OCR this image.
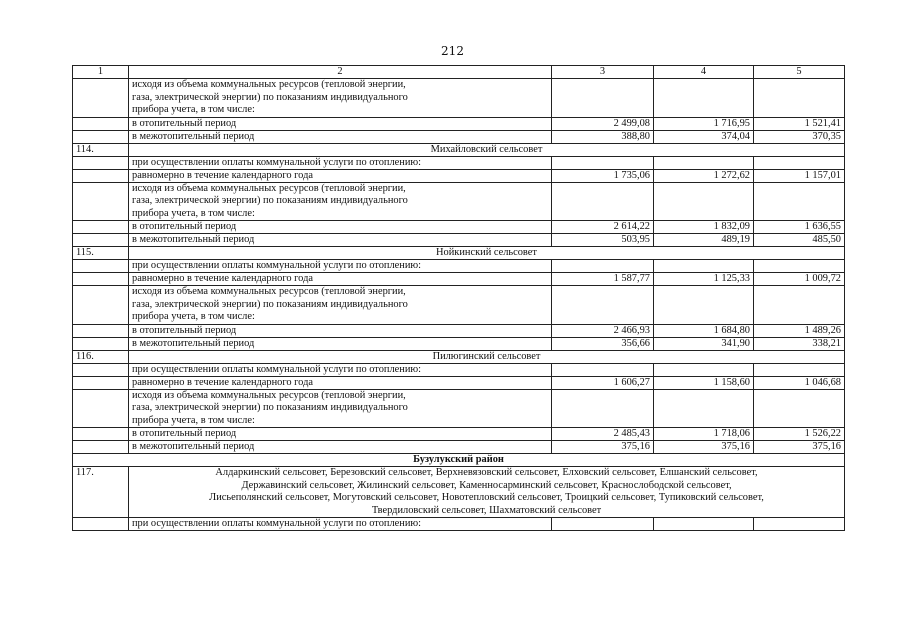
212
1	2	3	4	5

	исходя из объема коммунальных ресурсов (тепловой энергии,
газа, электрической энергии) по показаниям индивидуального
прибора учета, в том числе:			

	в отопительный период	2 499,08	1 716,95	1 521,41
	в межотопительный период	388,80	374,04	370,35
114.	Михайловский сельсовет			
	при осуществлении оплаты коммунальной услуги по отоплению:			
	равномерно в течение календарного года	1 735,06	1 272,62	1 157,01

	исходя из объема коммунальных ресурсов (тепловой энергии,
газа, электрической энергии) по показаниям индивидуального
прибора учета, в том числе:			

	в отопительный период	2 614,22	1 832,09	1 636,55
	в межотопительный период	503,95	489,19	485,50
115.	Нойкинский сельсовет			
	при осуществлении оплаты коммунальной услуги по отоплению:			
	равномерно в течение календарного года	1 587,77	1 125,33	1 009,72

	исходя из объема коммунальных ресурсов (тепловой энергии,
газа, электрической энергии) по показаниям индивидуального
прибора учета, в том числе:			

	в отопительный период	2 466,93	1 684,80	1 489,26
	в межотопительный период	356,66	341,90	338,21
116.	Пилюгинский сельсовет			
	при осуществлении оплаты коммунальной услуги по отоплению:			
	равномерно в течение календарного года	1 606,27	1 158,60	1 046,68

	исходя из объема коммунальных ресурсов (тепловой энергии,
газа, электрической энергии) по показаниям индивидуального
прибора учета, в том числе:			

	в отопительный период	2 485,43	1 718,06	1 526,22
	в межотопительный период	375,16	375,16	375,16
Бузулукский район				
117.	Алдаркинский сельсовет, Березовский сельсовет, Верхневязовский сельсовет, Елховский сельсовет, Елшанский сельсовет,
Державинский сельсовет, Жилинский сельсовет, Каменносарминский сельсовет, Краснослободской сельсовет,
Лисьеполянский сельсовет, Могутовский сельсовет, Новотепловский сельсовет, Троицкий сельсовет, Тупиковский сельсовет,
Твердиловский сельсовет, Шахматовский сельсовет			

	при осуществлении оплаты коммунальной услуги по отоплению:			
